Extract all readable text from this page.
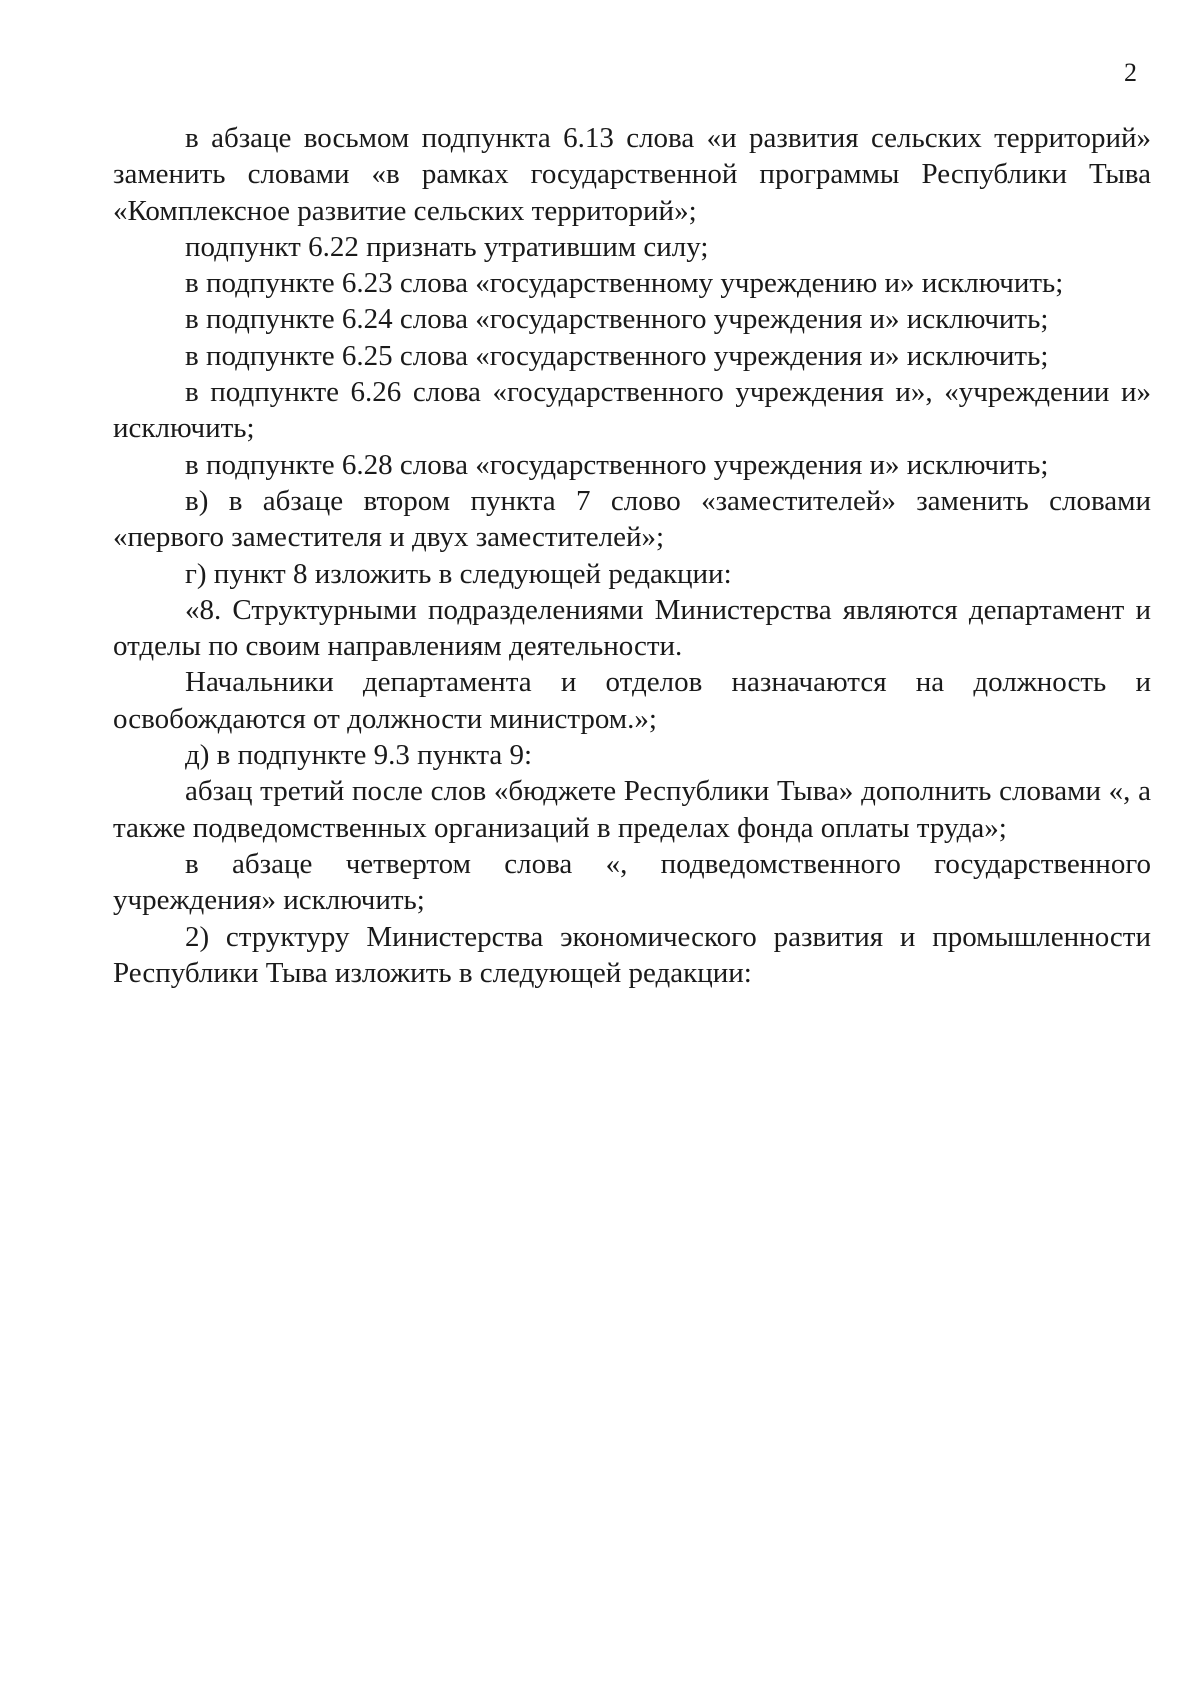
2

в абзаце восьмом подпункта 6.13 слова «и развития сельских территорий» заменить словами «в рамках государственной программы Республики Тыва «Комплексное развитие сельских территорий»;

подпункт 6.22 признать утратившим силу;

в подпункте 6.23 слова «государственному учреждению и» исключить;

в подпункте 6.24 слова «государственного учреждения и» исключить;

в подпункте 6.25 слова «государственного учреждения и» исключить;

в подпункте 6.26 слова «государственного учреждения и», «учреждении и» исключить;

в подпункте 6.28 слова «государственного учреждения и» исключить;

в) в абзаце втором пункта 7 слово «заместителей» заменить словами «первого заместителя и двух заместителей»;

г) пункт 8 изложить в следующей редакции:

«8. Структурными подразделениями Министерства являются департамент и отделы по своим направлениям деятельности.

Начальники департамента и отделов назначаются на должность и освобождаются от должности министром.»;

д) в подпункте 9.3 пункта 9:

абзац третий после слов «бюджете Республики Тыва» дополнить словами «, а также подведомственных организаций в пределах фонда оплаты труда»;

в абзаце четвертом слова «, подведомственного государственного учреждения» исключить;

2) структуру Министерства экономического развития и промышленности Республики Тыва изложить в следующей редакции:
